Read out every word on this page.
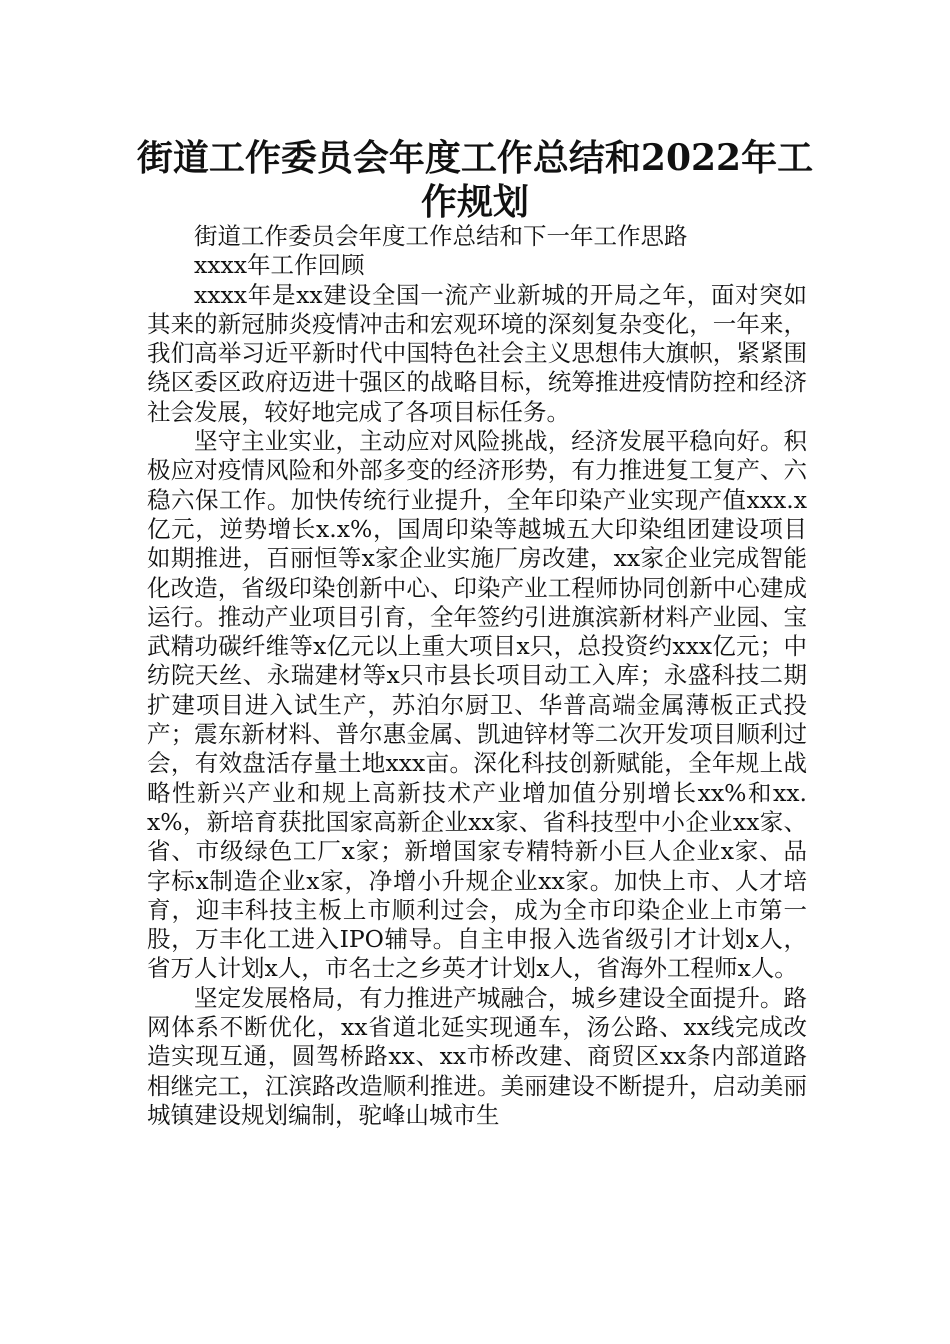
街道工作委员会年度工作总结和2022年工作规划

街道工作委员会年度工作总结和下一年工作思路

xxxx年工作回顾

xxxx年是xx建设全国一流产业新城的开局之年，面对突如其来的新冠肺炎疫情冲击和宏观环境的深刻复杂变化，一年来，我们高举习近平新时代中国特色社会主义思想伟大旗帜，紧紧围绕区委区政府迈进十强区的战略目标，统筹推进疫情防控和经济社会发展，较好地完成了各项目标任务。

坚守主业实业，主动应对风险挑战，经济发展平稳向好。积极应对疫情风险和外部多变的经济形势，有力推进复工复产、六稳六保工作。加快传统行业提升，全年印染产业实现产值xxx.x亿元，逆势增长x.x%，国周印染等越城五大印染组团建设项目如期推进，百丽恒等x家企业实施厂房改建，xx家企业完成智能化改造，省级印染创新中心、印染产业工程师协同创新中心建成运行。推动产业项目引育，全年签约引进旗滨新材料产业园、宝武精功碳纤维等x亿元以上重大项目x只，总投资约xxx亿元；中纺院天丝、永瑞建材等x只市县长项目动工入库；永盛科技二期扩建项目进入试生产，苏泊尔厨卫、华普高端金属薄板正式投产；震东新材料、普尔惠金属、凯迪锌材等二次开发项目顺利过会，有效盘活存量土地xxx亩。深化科技创新赋能，全年规上战略性新兴产业和规上高新技术产业增加值分别增长xx%和xx.x%，新培育获批国家高新企业xx家、省科技型中小企业xx家、省、市级绿色工厂x家；新增国家专精特新小巨人企业x家、品字标x制造企业x家，净增小升规企业xx家。加快上市、人才培育，迎丰科技主板上市顺利过会，成为全市印染企业上市第一股，万丰化工进入IPO辅导。自主申报入选省级引才计划x人，省万人计划x人，市名士之乡英才计划x人，省海外工程师x人。

坚定发展格局，有力推进产城融合，城乡建设全面提升。路网体系不断优化，xx省道北延实现通车，汤公路、xx线完成改造实现互通，圆驾桥路xx、xx市桥改建、商贸区xx条内部道路相继完工，江滨路改造顺利推进。美丽建设不断提升，启动美丽城镇建设规划编制，驼峰山城市生
